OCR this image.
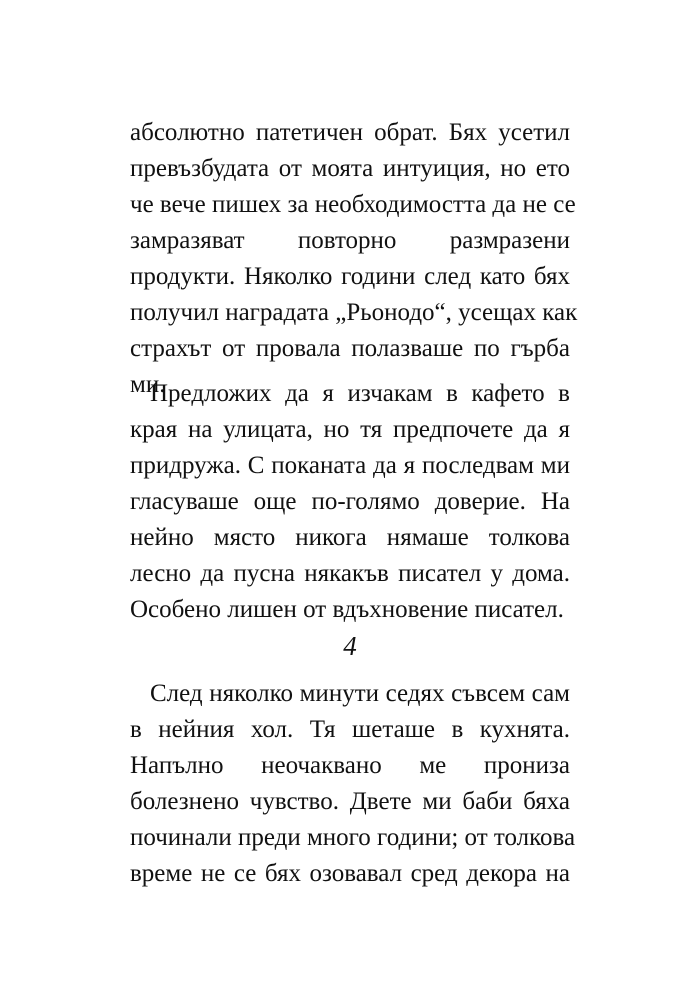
абсолютно патетичен обрат. Бях усетил
превъзбудата от моята интуиция, но ето
че вече пишех за необходимостта да не се
замразяват повторно размразени
продукти. Няколко години след като бях
получил наградата „Рьонодо“, усещах как
страхът от провала полазваше по гърба
ми.
Предложих да я изчакам в кафето в
края на улицата, но тя предпочете да я
придружа. С поканата да я последвам ми
гласуваше още по-голямо доверие. На
нейно място никога нямаше толкова
лесно да пусна някакъв писател у дома.
Особено лишен от вдъхновение писател.
4
След няколко минути седях съвсем сам
в нейния хол. Тя шеташе в кухнята.
Напълно неочаквано ме прониза
болезнено чувство. Двете ми баби бяха
починали преди много години; от толкова
време не се бях озовавал сред декора на
